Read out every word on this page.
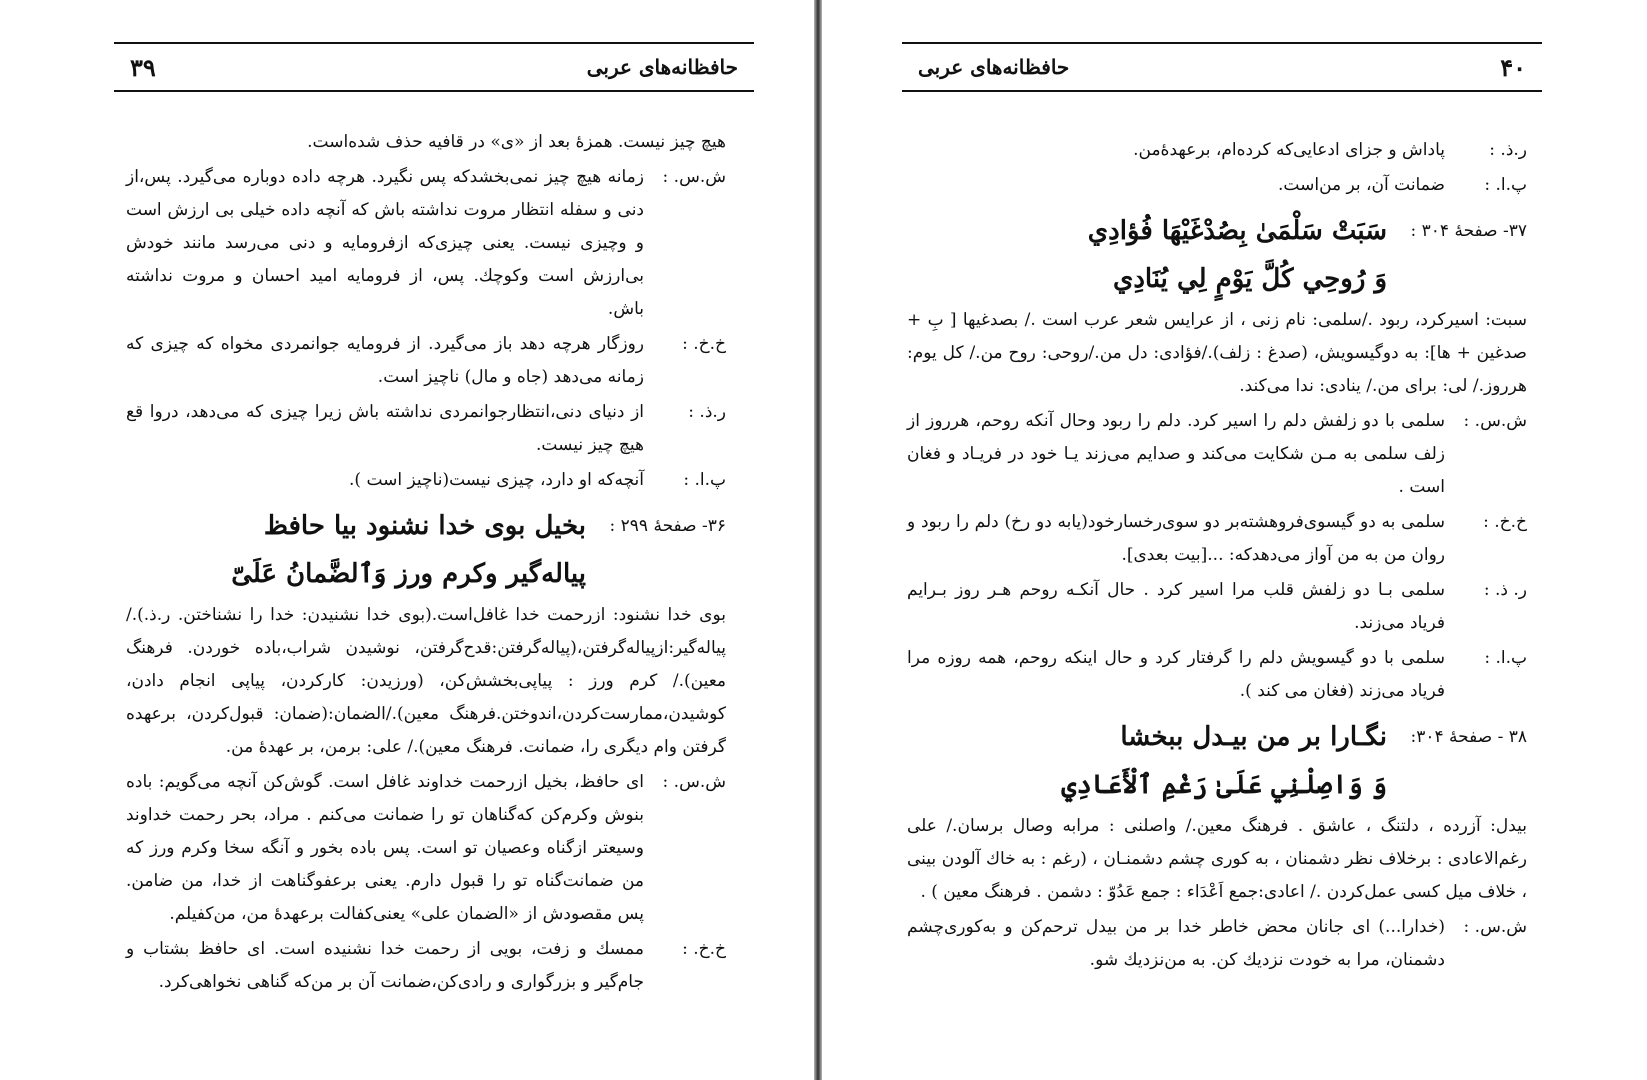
حافظانه‌های عربی
۳۹
هیچ چیز نیست. همزهٔ بعد از «ی» در قافیه حذف شده‌است.
ش.س. :
زمانه هیچ چیز نمی‌بخشدکه پس نگیرد. هرچه داده دوباره می‌گیرد. پس،از دنی و سفله انتظار مروت نداشته باش که آنچه داده خیلی بی ارزش است و وچیزی نیست. یعنی چیزی‌که ازفرومایه و دنی می‌رسد مانند خودش بی‌ارزش است وکوچك. پس، از فرومایه امید احسان و مروت نداشته باش.
خ.خ. :
روزگار هرچه دهد باز می‌گیرد. از فرومایه جوانمردی مخواه که چیزی که زمانه می‌دهد (جاه و مال) ناچیز است.
ر.ذ. :
از دنیای دنی،انتظارجوانمردی نداشته باش زیرا چیزی که می‌دهد، دروا قع هیچ چیز نیست.
پ.ا. :
آنچه‌که او دارد، چیزی نیست(ناچیز است ).
۳۶- صفحهٔ ۲۹۹ :
بخیل بوی خدا نشنود بیا حافظ
پیاله‌گیر وکرم ورز وَٱلضَّمانُ عَلَیّ
بوی خدا نشنود: ازرحمت خدا غافل‌است.(بوی خدا نشنیدن: خدا را نشناختن. ر.ذ.)./ پیاله‌گیر:ازپیاله‌گرفتن،(پیاله‌گرفتن:قدح‌گرفتن، نوشیدن شراب،باده خوردن. فرهنگ معین)./ کرم ورز : پیاپی‌بخشش‌کن، (ورزیدن: کارکردن، پیاپی انجام دادن، کوشیدن،ممارست‌کردن،اندوختن.فرهنگ معین)./الضمان:(ضمان: قبول‌کردن، برعهده گرفتن وام دیگری را، ضمانت. فرهنگ معین)./ علی: برمن، بر عهدهٔ من.
ش.س. :
ای حافظ، بخیل ازرحمت خداوند غافل است. گوش‌کن آنچه می‌گویم: باده بنوش وکرم‌کن که‌گناهان تو را ضمانت می‌کنم . مراد، بحر رحمت خداوند وسیعتر ازگناه وعصیان تو است. پس باده بخور و آنگه سخا وکرم ورز که من ضمانت‌گناه تو را قبول دارم. یعنی برعفوگناهت از خدا، من ضامن. پس مقصودش از «الضمان علی» یعنی‌کفالت برعهدهٔ من، من‌کفیلم.
خ.خ. :
ممسك و زفت، بویی از رحمت خدا نشنیده است. ای حافظ بشتاب و جام‌گیر و بزرگواری و رادی‌کن،ضمانت آن بر من‌که گناهی نخواهی‌کرد.
۴۰
حافظانه‌های عربی
ر.ذ. :
پاداش و جزای ادعایی‌که کرده‌ام، برعهدهٔ‌من.
پ.ا. :
ضمانت آن، بر من‌است.
۳۷- صفحهٔ ۳۰۴ :
سَبَتْ سَلْمَیٰ بِصُدْغَیْهَا فُؤادِي
وَ رُوحِي کُلَّ یَوْمٍ لِي یُنَادِي
سبت: اسیرکرد، ربود ./سلمی: نام زنی ، از عرایس شعر عرب است ./ بصدغیها [ بِ + صدغین + ها]: به دوگیسویش، (صدغ : زلف)./فؤادی: دل من./روحی: روح من./ کل یوم: هرروز./ لی: برای من./ ینادی: ندا می‌کند.
ش.س. :
سلمی با دو زلفش دلم را اسیر کرد. دلم را ربود وحال آنکه روحم، هرروز از زلف سلمی به مـن شکایت می‌کند و صدایم می‌زند یـا خود در فریـاد و فغان است .
خ.خ. :
سلمی به دو گیسوی‌فروهشته‌بر دو سوی‌رخسارخود(یابه دو رخ) دلم را ربود و روان من به من آواز می‌دهدکه: ...[بیت بعدی].
ر. ذ. :
سلمی بـا دو زلفش قلب مرا اسیر کرد . حال آنکـه روحم هـر روز بـرایم فریاد می‌زند.
پ.ا. :
سلمی با دو گیسویش دلم را گرفتار کرد و حال اینکه روحم، همه روزه مرا فریاد می‌زند (فغان می کند ).
۳۸ - صفحهٔ ۳۰۴:
نگـارا بر من بیـدل ببخشا
وَ وَاصِلْنِي عَلَیٰ رَغْمِ ٱلْأَعَادِي
بیدل: آزرده ، دلتنگ ، عاشق . فرهنگ معین./ واصلنی : مرابه وصال برسان./ علی رغم‌الاعادی : برخلاف نظر دشمنان ، به کوری چشم دشمنـان ، (رغم : به خاك آلودن بینی ، خلاف میل کسی عمل‌کردن ./ اعادی:جمع اَعْدَاء : جمع عَدُوّ : دشمن . فرهنگ معین ) .
ش.س. :
(خدارا...) ای جانان محض خاطر خدا بر من بیدل ترحم‌کن و به‌کوری‌چشم دشمنان، مرا به خودت نزدیك کن. به من‌نزدیك شو.
